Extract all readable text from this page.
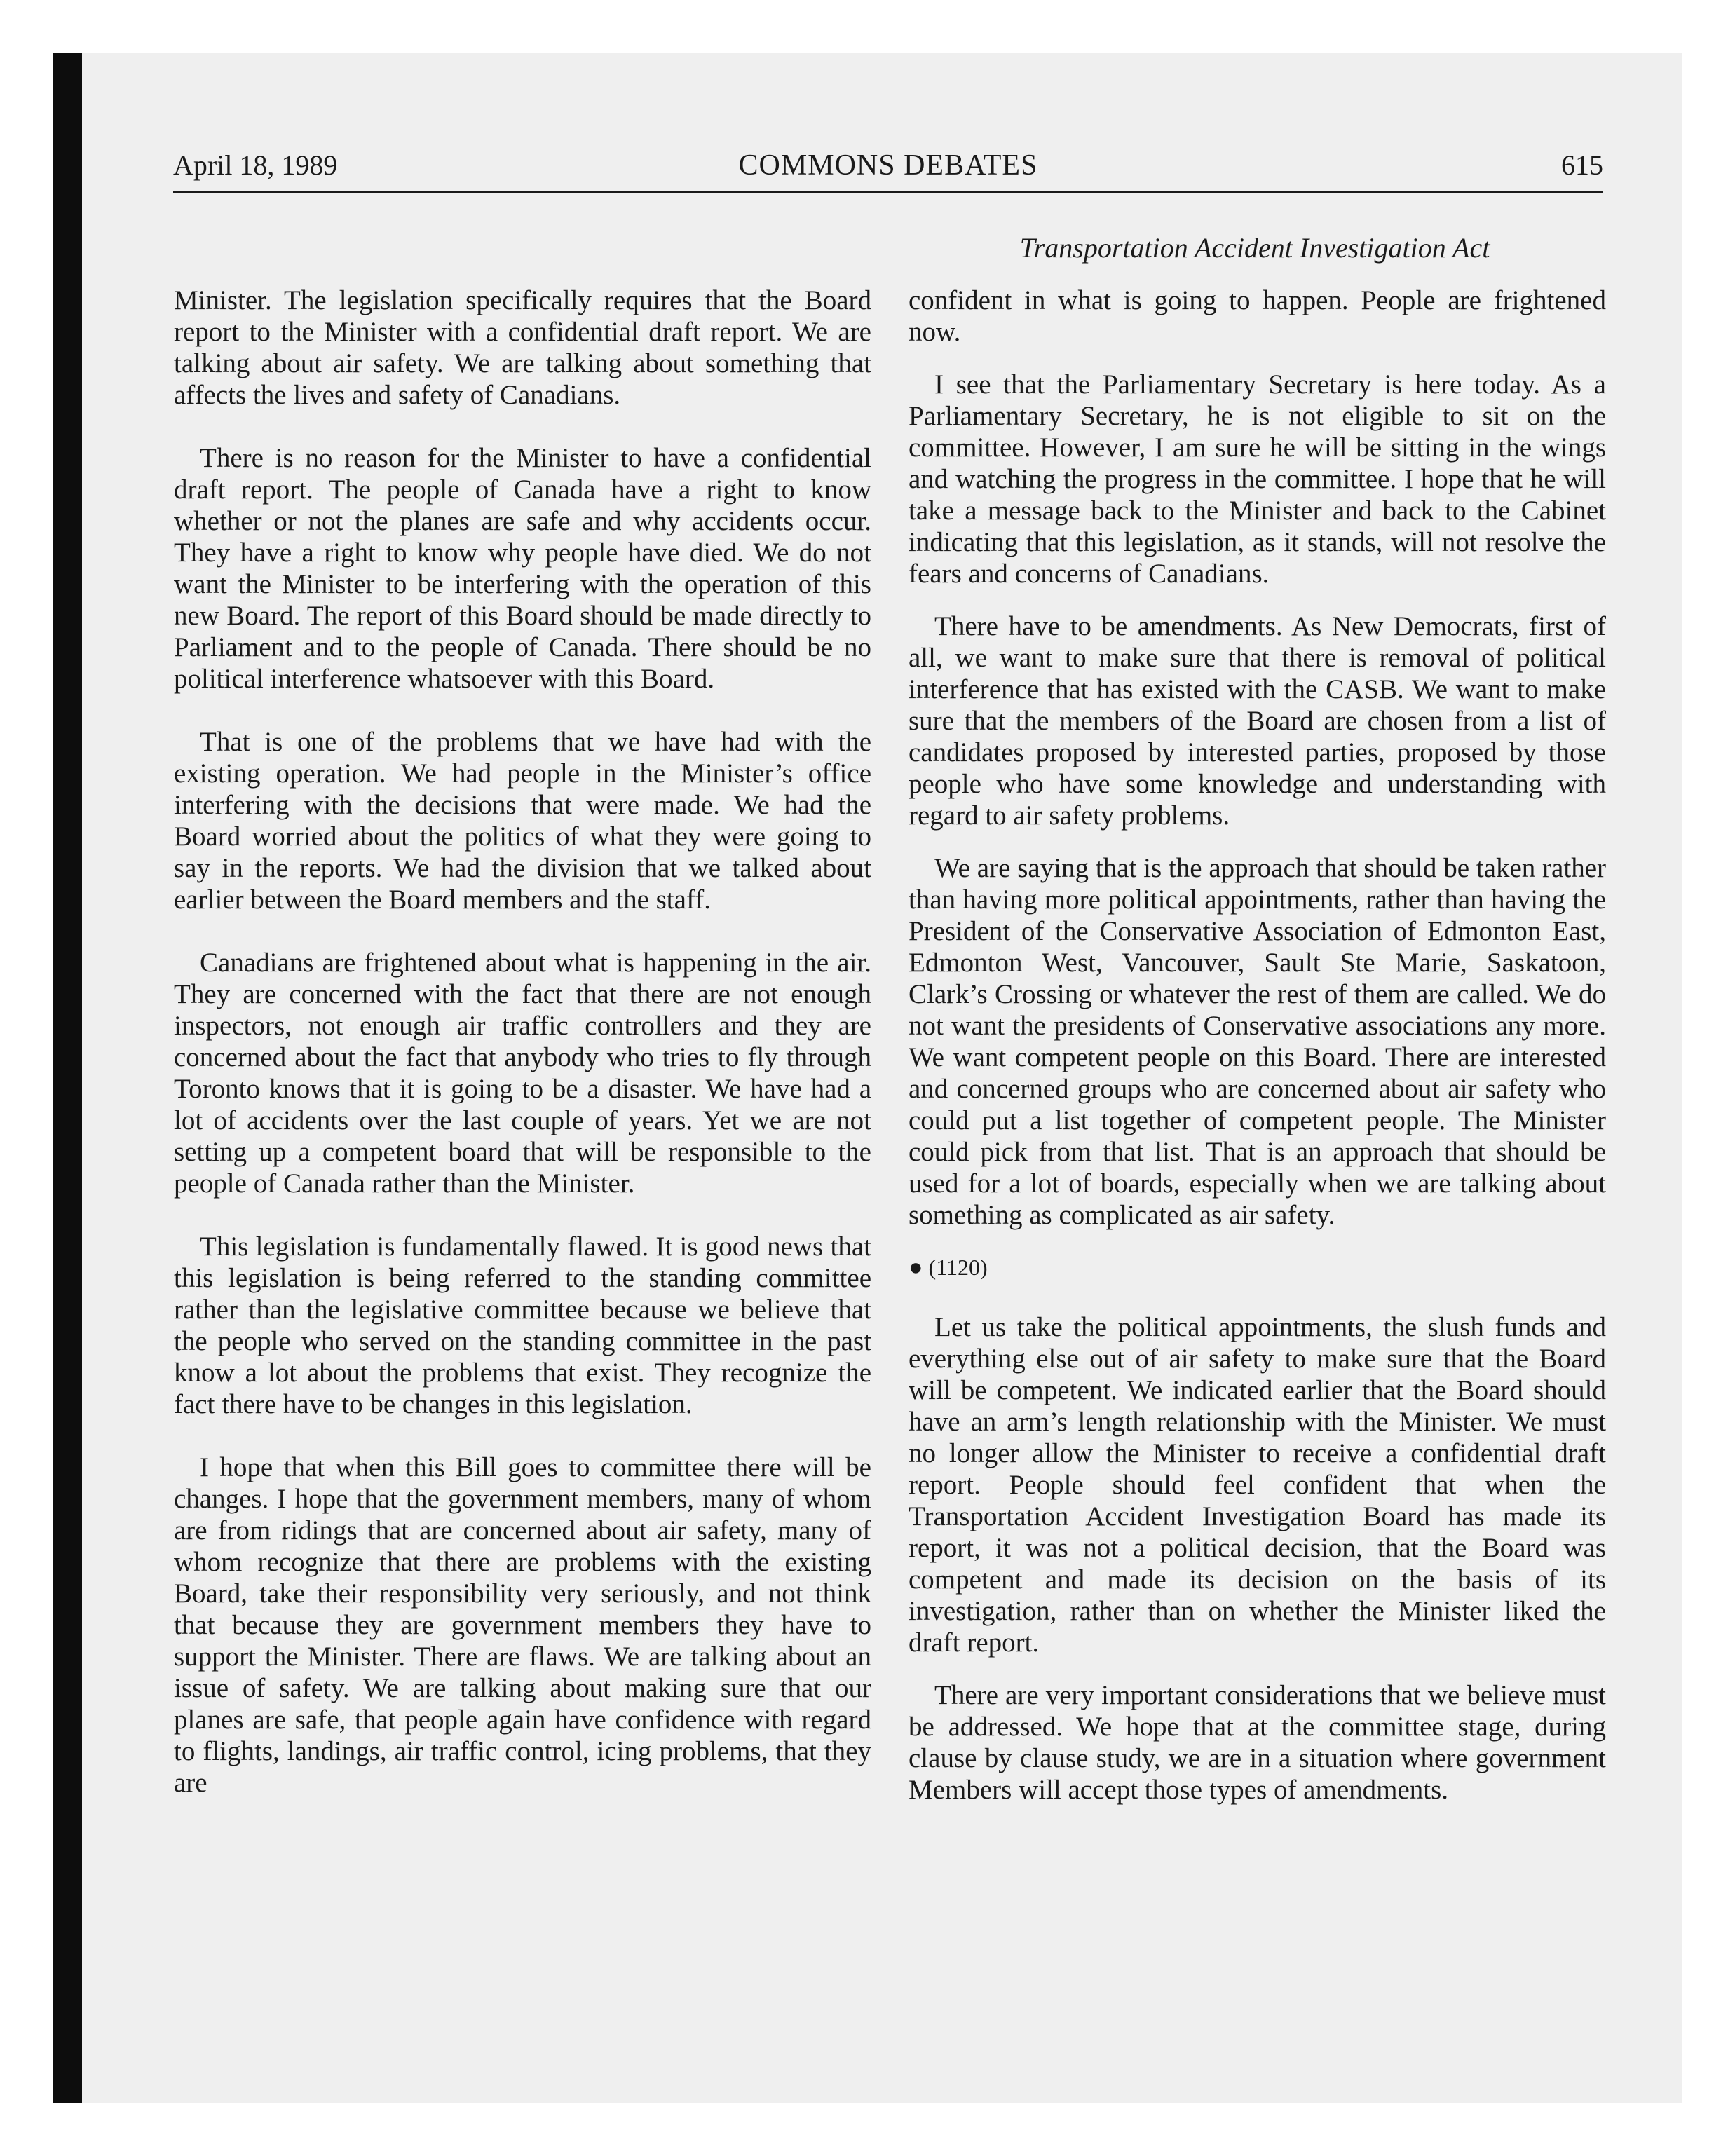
April 18, 1989	COMMONS DEBATES	615
Transportation Accident Investigation Act

Minister. The legislation specifically requires that the Board report to the Minister with a confidential draft report. We are talking about air safety. We are talking about something that affects the lives and safety of Canadians.

There is no reason for the Minister to have a confidential draft report. The people of Canada have a right to know whether or not the planes are safe and why accidents occur. They have a right to know why people have died. We do not want the Minister to be interfering with the operation of this new Board. The report of this Board should be made directly to Parliament and to the people of Canada. There should be no political interference whatsoever with this Board.

That is one of the problems that we have had with the existing operation. We had people in the Minister’s office interfering with the decisions that were made. We had the Board worried about the politics of what they were going to say in the reports. We had the division that we talked about earlier between the Board members and the staff.

Canadians are frightened about what is happening in the air. They are concerned with the fact that there are not enough inspectors, not enough air traffic controllers and they are concerned about the fact that anybody who tries to fly through Toronto knows that it is going to be a disaster. We have had a lot of accidents over the last couple of years. Yet we are not setting up a competent board that will be responsible to the people of Canada rather than the Minister.

This legislation is fundamentally flawed. It is good news that this legislation is being referred to the standing committee rather than the legislative committee because we believe that the people who served on the standing committee in the past know a lot about the problems that exist. They recognize the fact there have to be changes in this legislation.

I hope that when this Bill goes to committee there will be changes. I hope that the government members, many of whom are from ridings that are concerned about air safety, many of whom recognize that there are problems with the existing Board, take their responsibility very seriously, and not think that because they are government members they have to support the Minister. There are flaws. We are talking about an issue of safety. We are talking about making sure that our planes are safe, that people again have confidence with regard to flights, landings, air traffic control, icing problems, that they are

confident in what is going to happen. People are frightened now.

I see that the Parliamentary Secretary is here today. As a Parliamentary Secretary, he is not eligible to sit on the committee. However, I am sure he will be sitting in the wings and watching the progress in the committee. I hope that he will take a message back to the Minister and back to the Cabinet indicating that this legislation, as it stands, will not resolve the fears and concerns of Canadians.

There have to be amendments. As New Democrats, first of all, we want to make sure that there is removal of political interference that has existed with the CASB. We want to make sure that the members of the Board are chosen from a list of candidates proposed by interested parties, proposed by those people who have some knowledge and understanding with regard to air safety problems.

We are saying that is the approach that should be taken rather than having more political appointments, rather than having the President of the Conservative Association of Edmonton East, Edmonton West, Vancouver, Sault Ste Marie, Saskatoon, Clark’s Crossing or whatever the rest of them are called. We do not want the presidents of Conservative associations any more. We want competent people on this Board. There are interested and concerned groups who are concerned about air safety who could put a list together of competent people. The Minister could pick from that list. That is an approach that should be used for a lot of boards, especially when we are talking about something as complicated as air safety.

● (1120)

Let us take the political appointments, the slush funds and everything else out of air safety to make sure that the Board will be competent. We indicated earlier that the Board should have an arm’s length relationship with the Minister. We must no longer allow the Minister to receive a confidential draft report. People should feel confident that when the Transportation Accident Investigation Board has made its report, it was not a political decision, that the Board was competent and made its decision on the basis of its investigation, rather than on whether the Minister liked the draft report.

There are very important considerations that we believe must be addressed. We hope that at the committee stage, during clause by clause study, we are in a situation where government Members will accept those types of amendments.
